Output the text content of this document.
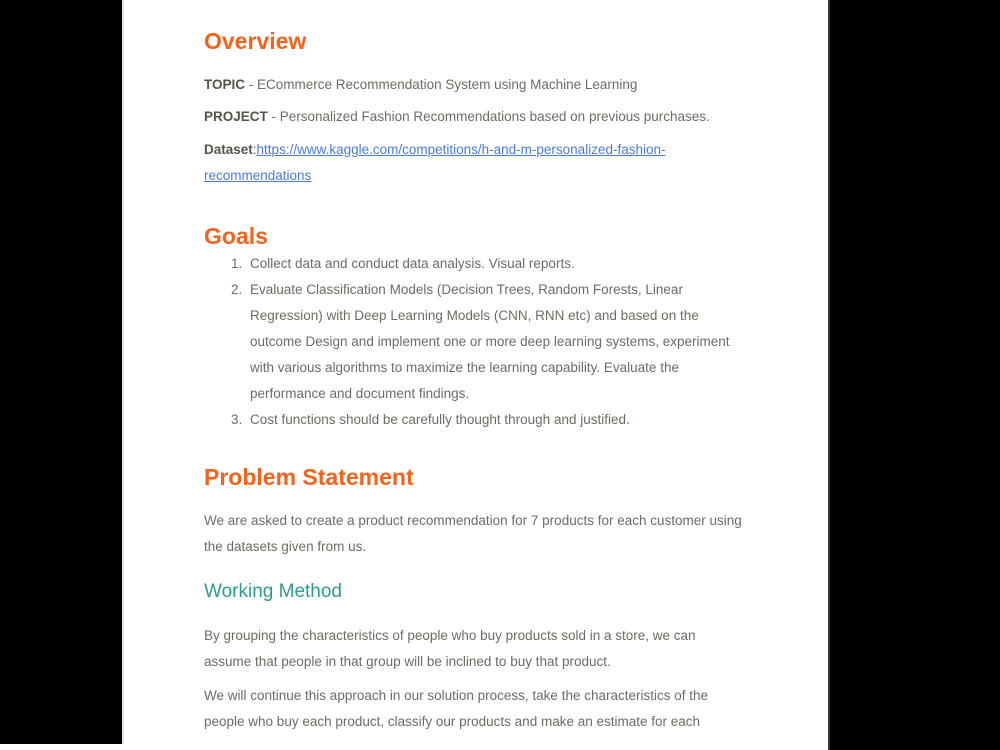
Overview

TOPIC - ECommerce Recommendation System using Machine Learning

PROJECT - Personalized Fashion Recommendations based on previous purchases.

Dataset:https://www.kaggle.com/competitions/h-and-m-personalized-fashion-recommendations

Goals
1. Collect data and conduct data analysis. Visual reports.
2. Evaluate Classification Models (Decision Trees, Random Forests, Linear Regression) with Deep Learning Models (CNN, RNN etc) and based on the outcome Design and implement one or more deep learning systems, experiment with various algorithms to maximize the learning capability. Evaluate the performance and document findings.
3. Cost functions should be carefully thought through and justified.
Problem Statement

We are asked to create a product recommendation for 7 products for each customer using the datasets given from us.

Working Method

By grouping the characteristics of people who buy products sold in a store, we can assume that people in that group will be inclined to buy that product.

We will continue this approach in our solution process, take the characteristics of the people who buy each product, classify our products and make an estimate for each
